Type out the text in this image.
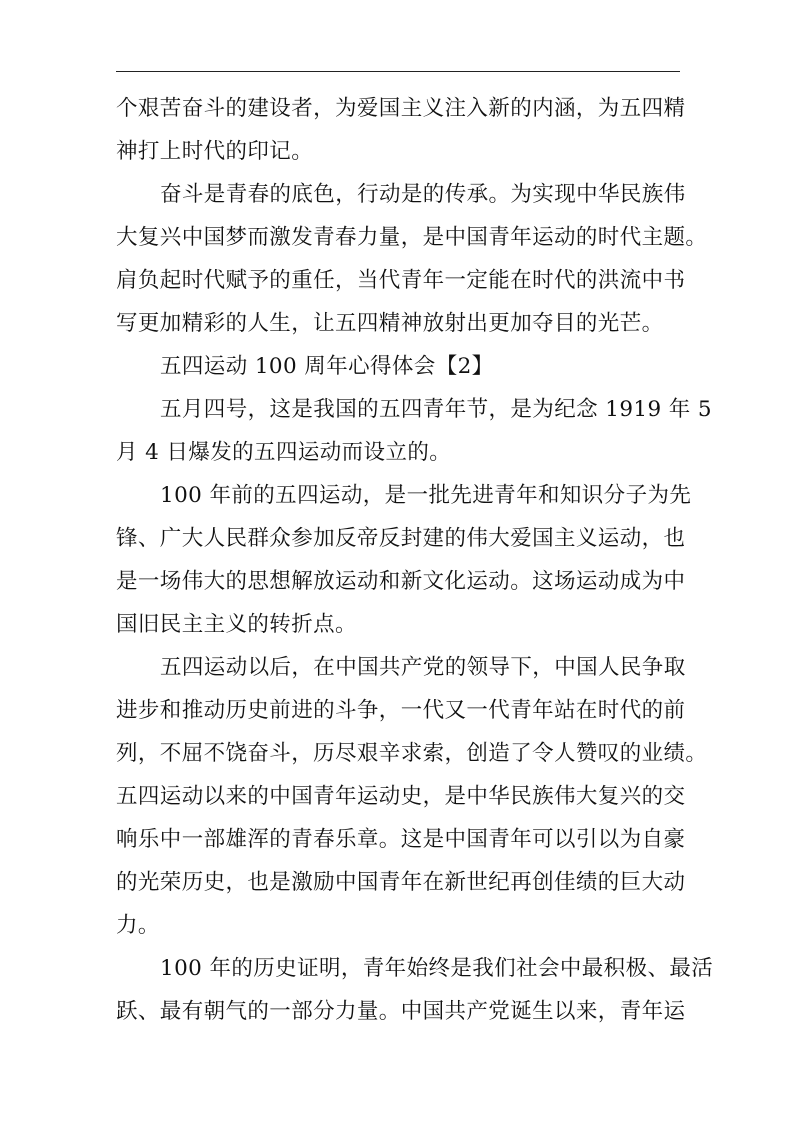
个艰苦奋斗的建设者，为爱国主义注入新的内涵，为五四精
神打上时代的印记。
奋斗是青春的底色，行动是的传承。为实现中华民族伟
大复兴中国梦而激发青春力量，是中国青年运动的时代主题。
肩负起时代赋予的重任，当代青年一定能在时代的洪流中书
写更加精彩的人生，让五四精神放射出更加夺目的光芒。
五四运动 100 周年心得体会【2】
五月四号，这是我国的五四青年节，是为纪念 1919 年 5
月 4 日爆发的五四运动而设立的。
100 年前的五四运动，是一批先进青年和知识分子为先
锋、广大人民群众参加反帝反封建的伟大爱国主义运动，也
是一场伟大的思想解放运动和新文化运动。这场运动成为中
国旧民主主义的转折点。
五四运动以后，在中国共产党的领导下，中国人民争取
进步和推动历史前进的斗争，一代又一代青年站在时代的前
列，不屈不饶奋斗，历尽艰辛求索，创造了令人赞叹的业绩。
五四运动以来的中国青年运动史，是中华民族伟大复兴的交
响乐中一部雄浑的青春乐章。这是中国青年可以引以为自豪
的光荣历史，也是激励中国青年在新世纪再创佳绩的巨大动
力。
100 年的历史证明，青年始终是我们社会中最积极、最活
跃、最有朝气的一部分力量。中国共产党诞生以来，青年运
